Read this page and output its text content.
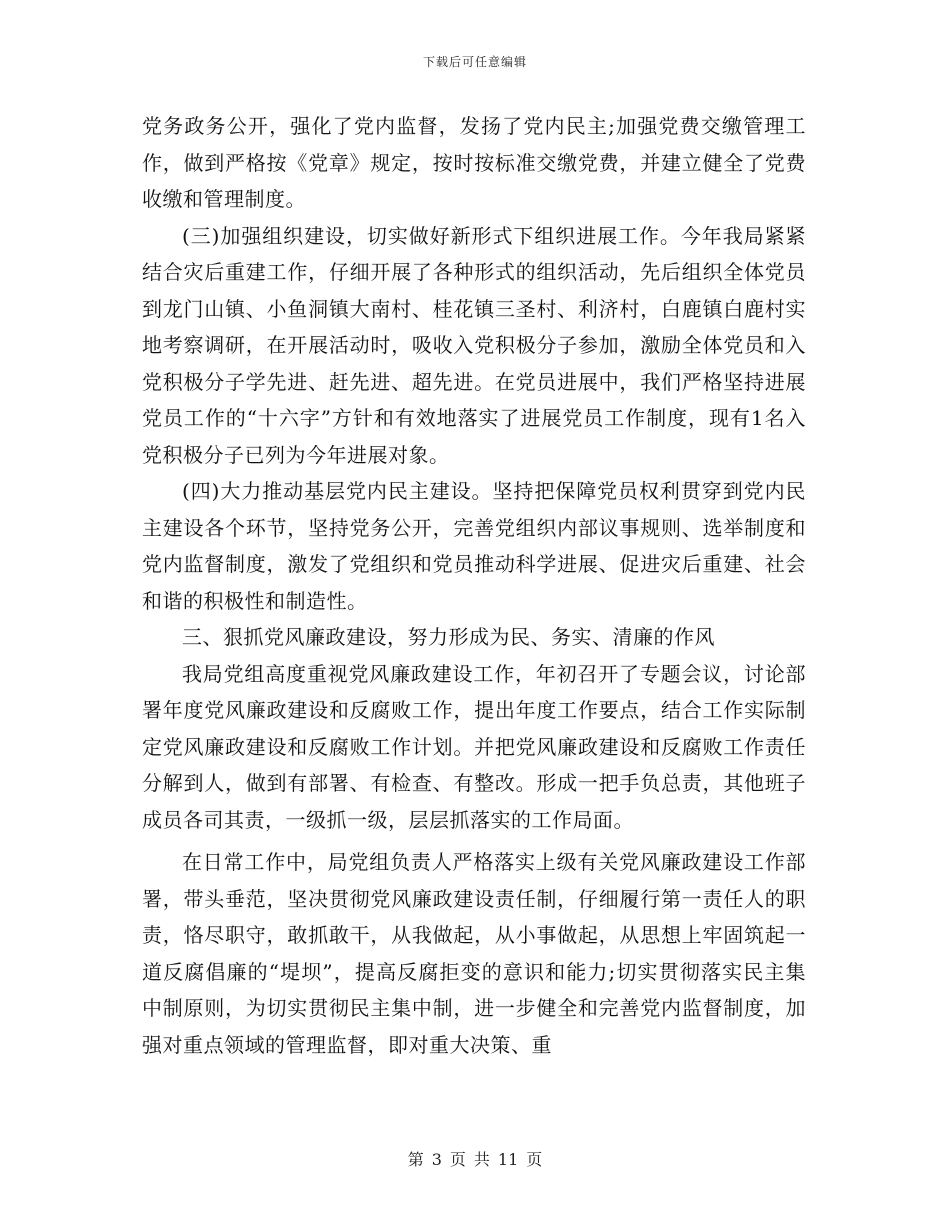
下载后可任意编辑

党务政务公开，强化了党内监督，发扬了党内民主;加强党费交缴管理工作，做到严格按《党章》规定，按时按标准交缴党费，并建立健全了党费收缴和管理制度。

(三)加强组织建设，切实做好新形式下组织进展工作。今年我局紧紧结合灾后重建工作，仔细开展了各种形式的组织活动，先后组织全体党员到龙门山镇、小鱼洞镇大南村、桂花镇三圣村、利济村，白鹿镇白鹿村实地考察调研，在开展活动时，吸收入党积极分子参加，激励全体党员和入党积极分子学先进、赶先进、超先进。在党员进展中，我们严格坚持进展党员工作的“十六字”方针和有效地落实了进展党员工作制度，现有1名入党积极分子已列为今年进展对象。

(四)大力推动基层党内民主建设。坚持把保障党员权利贯穿到党内民主建设各个环节，坚持党务公开，完善党组织内部议事规则、选举制度和党内监督制度，激发了党组织和党员推动科学进展、促进灾后重建、社会和谐的积极性和制造性。

三、狠抓党风廉政建设，努力形成为民、务实、清廉的作风

我局党组高度重视党风廉政建设工作，年初召开了专题会议，讨论部署年度党风廉政建设和反腐败工作，提出年度工作要点，结合工作实际制定党风廉政建设和反腐败工作计划。并把党风廉政建设和反腐败工作责任分解到人，做到有部署、有检查、有整改。形成一把手负总责，其他班子成员各司其责，一级抓一级，层层抓落实的工作局面。

在日常工作中，局党组负责人严格落实上级有关党风廉政建设工作部署，带头垂范，坚决贯彻党风廉政建设责任制，仔细履行第一责任人的职责，恪尽职守，敢抓敢干，从我做起，从小事做起，从思想上牢固筑起一道反腐倡廉的“堤坝”，提高反腐拒变的意识和能力;切实贯彻落实民主集中制原则，为切实贯彻民主集中制，进一步健全和完善党内监督制度，加强对重点领域的管理监督，即对重大决策、重

第 3 页 共 11 页
